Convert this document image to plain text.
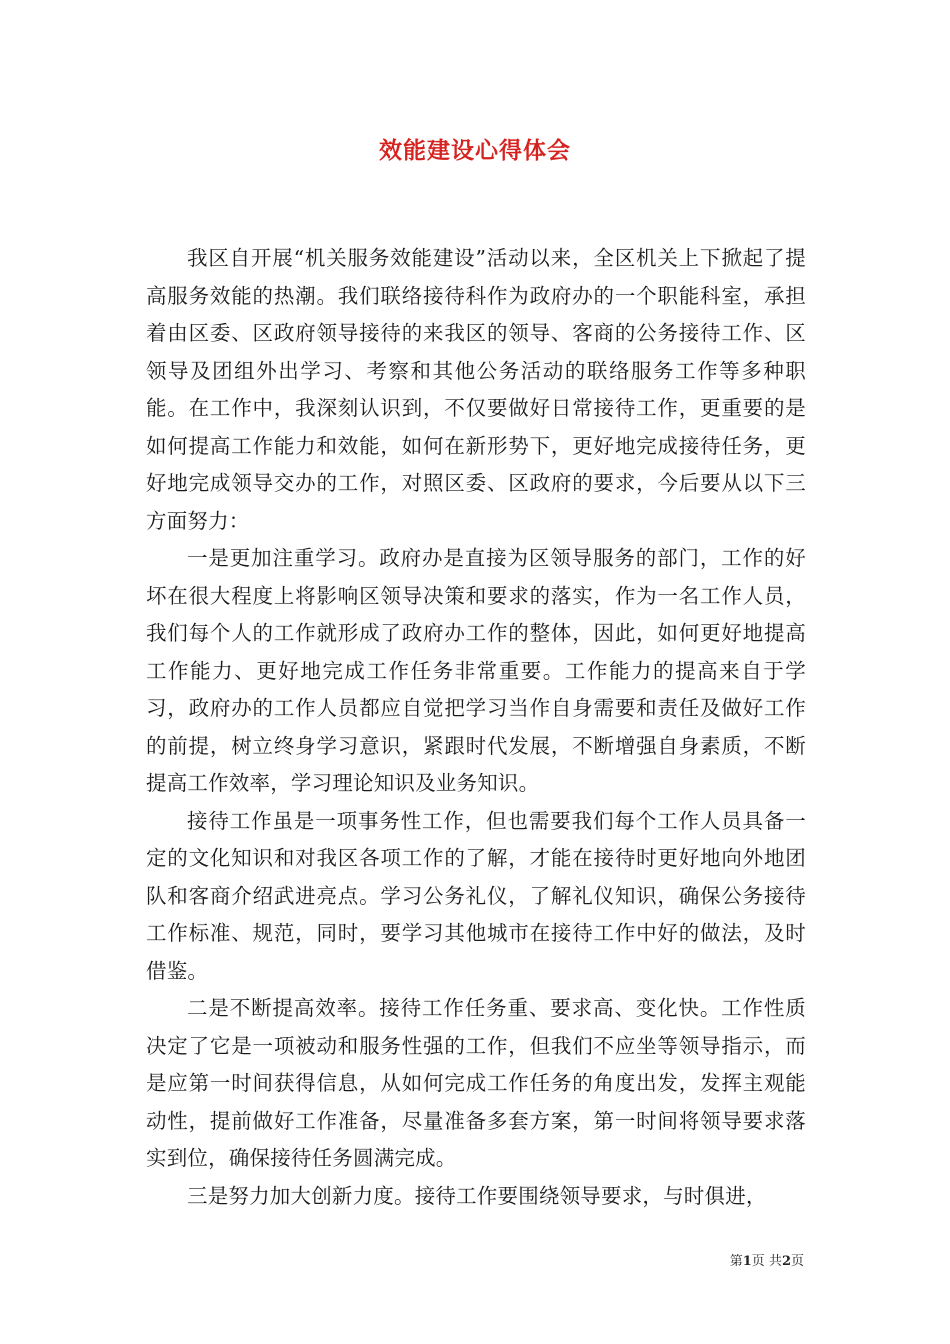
效能建设心得体会

我区自开展“机关服务效能建设”活动以来，全区机关上下掀起了提高服务效能的热潮。我们联络接待科作为政府办的一个职能科室，承担着由区委、区政府领导接待的来我区的领导、客商的公务接待工作、区领导及团组外出学习、考察和其他公务活动的联络服务工作等多种职能。在工作中，我深刻认识到，不仅要做好日常接待工作，更重要的是如何提高工作能力和效能，如何在新形势下，更好地完成接待任务，更好地完成领导交办的工作，对照区委、区政府的要求，今后要从以下三方面努力：

一是更加注重学习。政府办是直接为区领导服务的部门，工作的好坏在很大程度上将影响区领导决策和要求的落实，作为一名工作人员，我们每个人的工作就形成了政府办工作的整体，因此，如何更好地提高工作能力、更好地完成工作任务非常重要。工作能力的提高来自于学习，政府办的工作人员都应自觉把学习当作自身需要和责任及做好工作的前提，树立终身学习意识，紧跟时代发展，不断增强自身素质，不断提高工作效率，学习理论知识及业务知识。

接待工作虽是一项事务性工作，但也需要我们每个工作人员具备一定的文化知识和对我区各项工作的了解，才能在接待时更好地向外地团队和客商介绍武进亮点。学习公务礼仪，了解礼仪知识，确保公务接待工作标准、规范，同时，要学习其他城市在接待工作中好的做法，及时借鉴。

二是不断提高效率。接待工作任务重、要求高、变化快。工作性质决定了它是一项被动和服务性强的工作，但我们不应坐等领导指示，而是应第一时间获得信息，从如何完成工作任务的角度出发，发挥主观能动性，提前做好工作准备，尽量准备多套方案，第一时间将领导要求落实到位，确保接待任务圆满完成。

三是努力加大创新力度。接待工作要围绕领导要求，与时俱进，

第1页 共2页
